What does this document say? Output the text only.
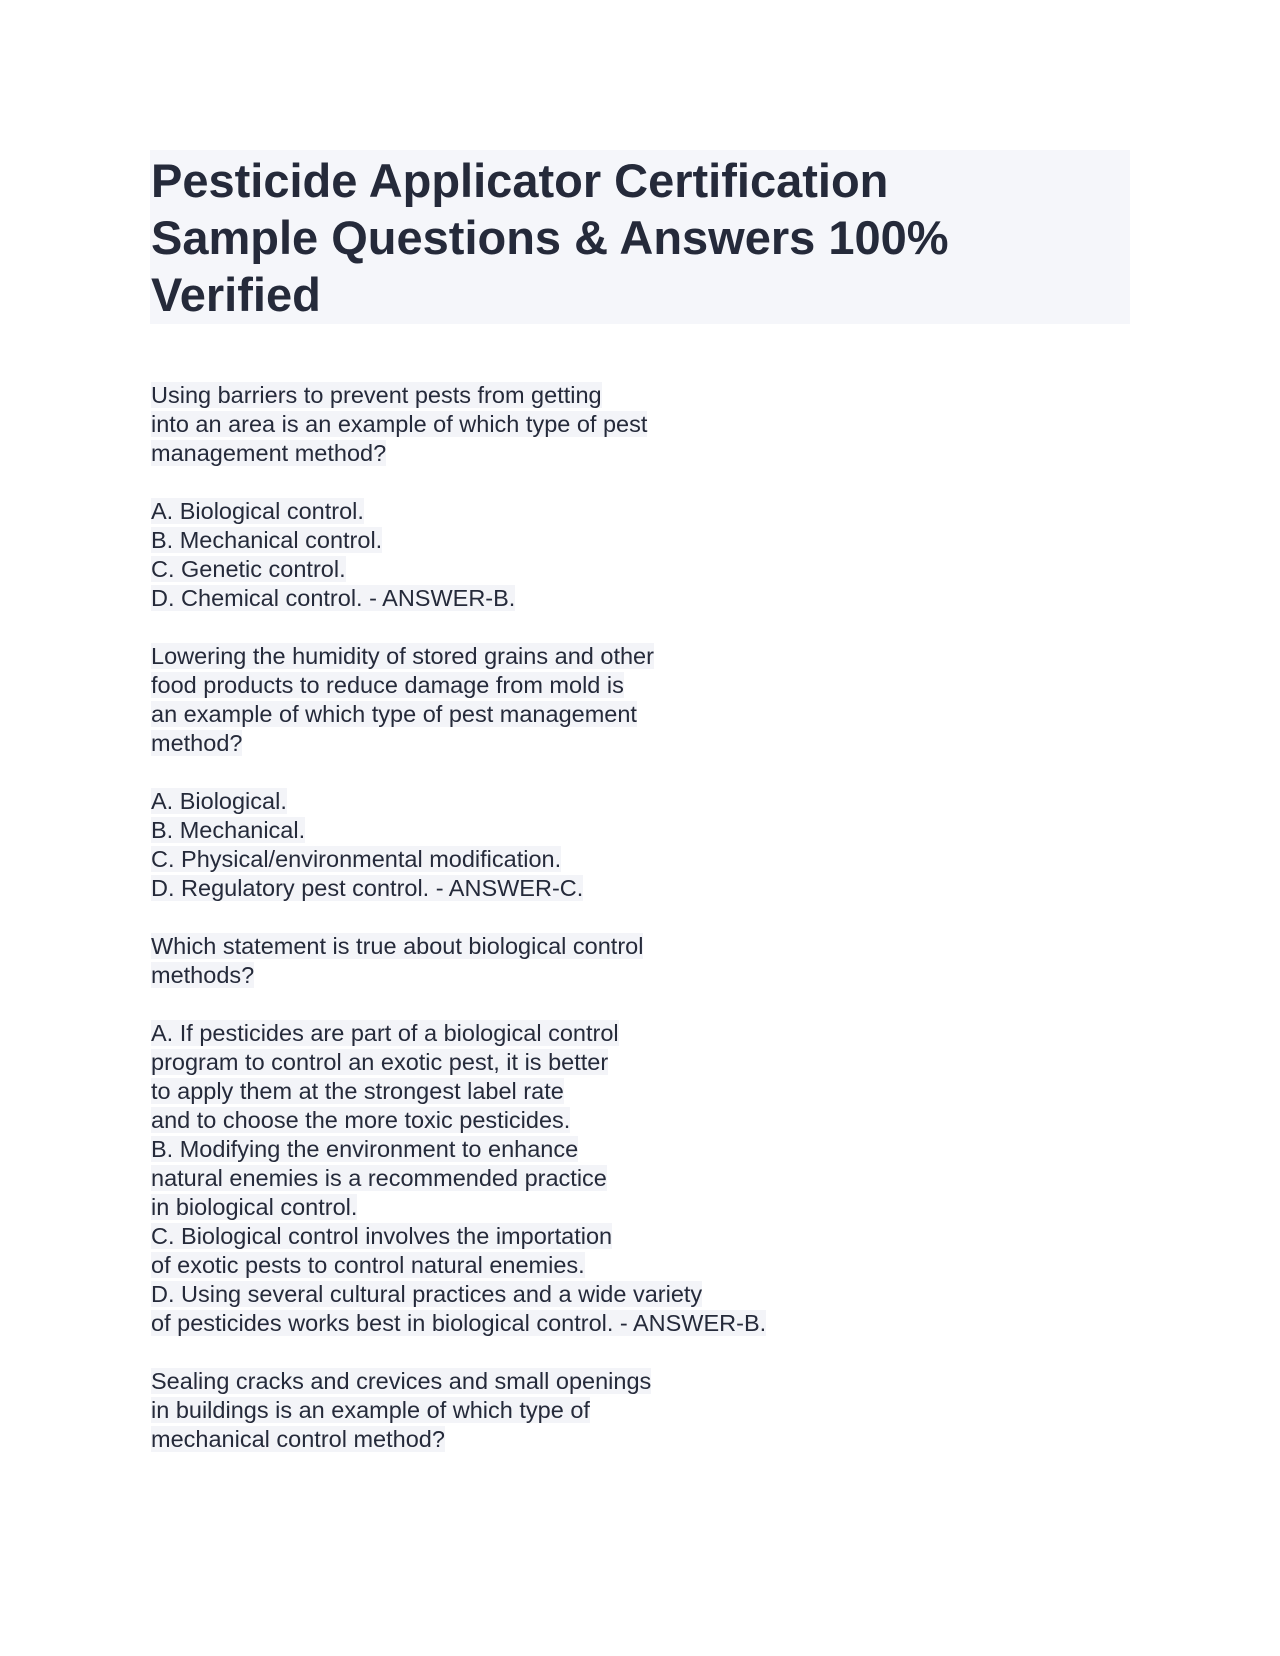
Pesticide Applicator Certification
Sample Questions & Answers 100%
Verified
Using barriers to prevent pests from getting
into an area is an example of which type of pest
management method?
A. Biological control.
B. Mechanical control.
C. Genetic control.
D. Chemical control. - ANSWER-B.
Lowering the humidity of stored grains and other
food products to reduce damage from mold is
an example of which type of pest management
method?
A. Biological.
B. Mechanical.
C. Physical/environmental modification.
D. Regulatory pest control. - ANSWER-C.
Which statement is true about biological control
methods?
A. If pesticides are part of a biological control
program to control an exotic pest, it is better
to apply them at the strongest label rate
and to choose the more toxic pesticides.
B. Modifying the environment to enhance
natural enemies is a recommended practice
in biological control.
C. Biological control involves the importation
of exotic pests to control natural enemies.
D. Using several cultural practices and a wide variety
of pesticides works best in biological control. - ANSWER-B.
Sealing cracks and crevices and small openings
in buildings is an example of which type of
mechanical control method?
